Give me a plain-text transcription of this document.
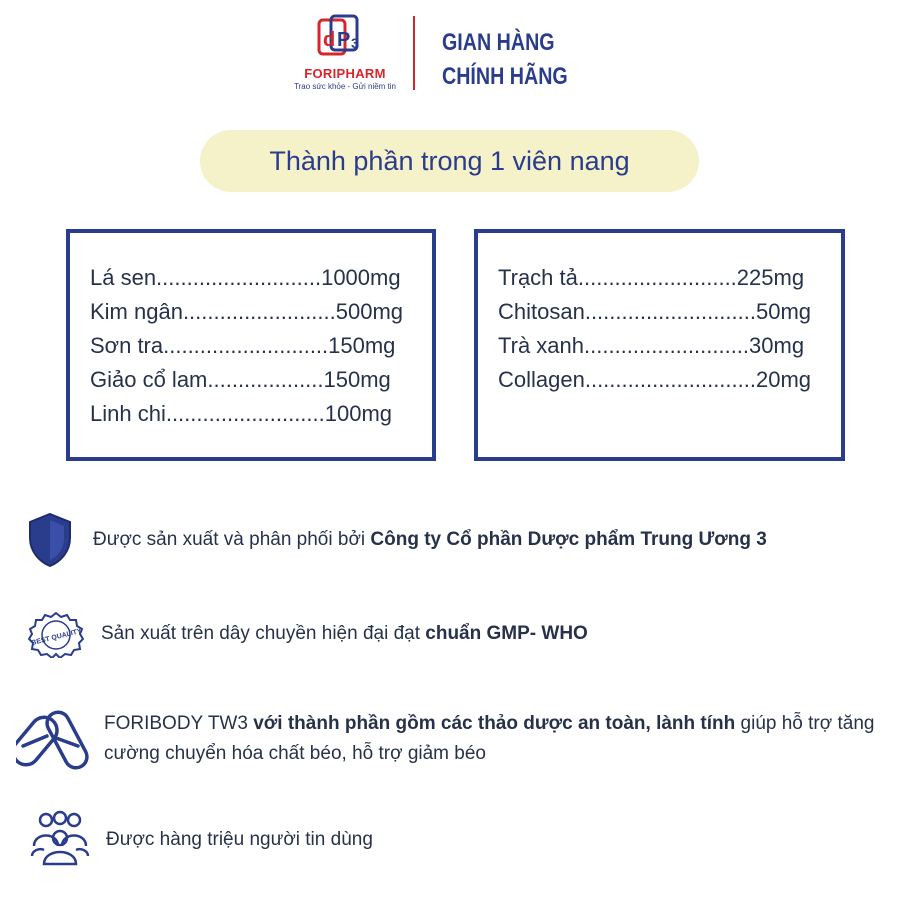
d P 3
FORIPHARM
Trao sức khỏe - Gửi niềm tin
GIAN HÀNG
CHÍNH HÃNG
Thành phần trong 1 viên nang
Lá sen...........................1000mg
Kim ngân.........................500mg
Sơn tra...........................150mg
Giảo cổ lam...................150mg
Linh chi..........................100mg
Trạch tả..........................225mg
Chitosan............................50mg
Trà xanh...........................30mg
Collagen............................20mg
Được sản xuất và phân phối bởi Công ty Cổ phần Dược phẩm Trung Ương 3
BEST QUALITY Sản xuất trên dây chuyền hiện đại đạt chuẩn GMP- WHO
FORIBODY TW3 với thành phần gồm các thảo dược an toàn, lành tính giúp hỗ trợ tăng cường chuyển hóa chất béo, hỗ trợ giảm béo
Được hàng triệu người tin dùng
